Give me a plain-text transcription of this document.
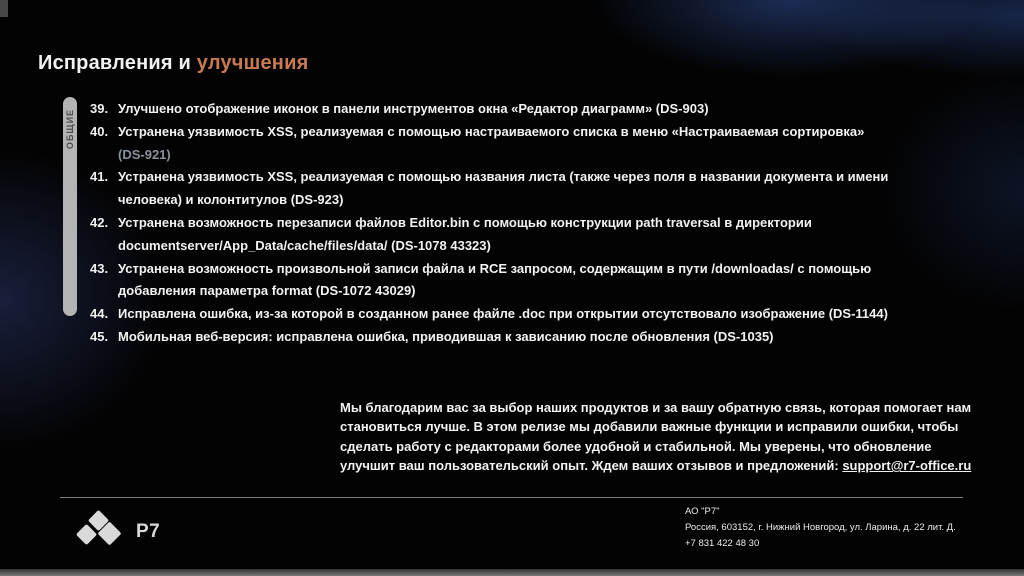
Исправления и улучшения
ОБЩИЕ
39. Улучшено отображение иконок в панели инструментов окна «Редактор диаграмм» (DS-903)
40. Устранена уязвимость XSS, реализуемая с помощью настраиваемого списка в меню «Настраиваемая сортировка» (DS-921)
41. Устранена уязвимость XSS, реализуемая с помощью названия листа (также через поля в названии документа и имени человека) и колонтитулов (DS-923)
42. Устранена возможность перезаписи файлов Editor.bin с помощью конструкции path traversal в директории documentserver/App_Data/cache/files/data/ (DS-1078 43323)
43. Устранена возможность произвольной записи файла и RCE запросом, содержащим в пути /downloadas/ с помощью добавления параметра format (DS-1072 43029)
44. Исправлена ошибка, из-за которой в созданном ранее файле .doc при открытии отсутствовало изображение (DS-1144)
45. Мобильная веб-версия: исправлена ошибка, приводившая к зависанию после обновления (DS-1035)

Мы благодарим вас за выбор наших продуктов и за вашу обратную связь, которая помогает нам становиться лучше. В этом релизе мы добавили важные функции и исправили ошибки, чтобы сделать работу с редакторами более удобной и стабильной. Мы уверены, что обновление улучшит ваш пользовательский опыт. Ждем ваших отзывов и предложений: support@r7-office.ru

Р7
АО "Р7"
Россия, 603152, г. Нижний Новгород, ул. Ларина, д. 22 лит. Д.
+7 831 422 48 30
